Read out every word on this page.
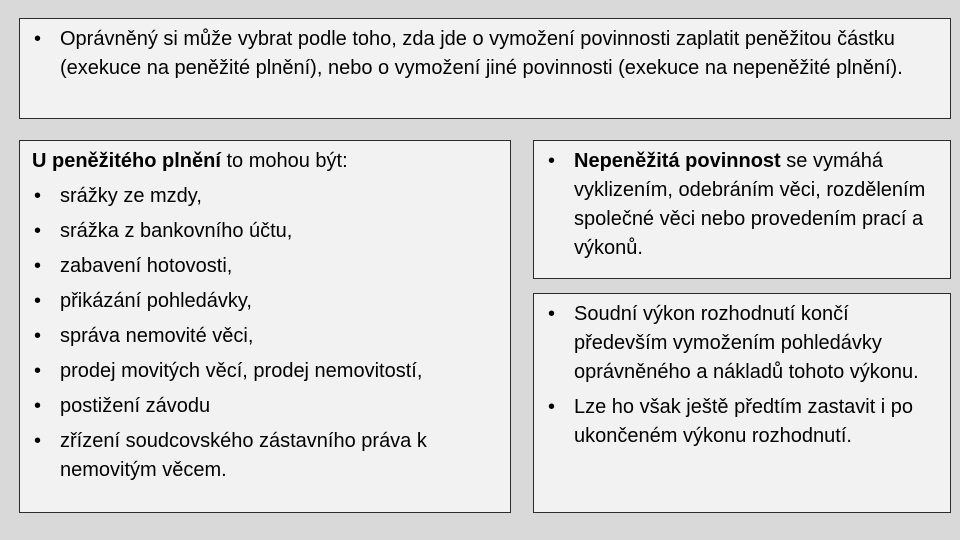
• Oprávněný si může vybrat podle toho, zda jde o vymožení povinnosti zaplatit peněžitou částku (exekuce na peněžité plnění), nebo o vymožení jiné povinnosti (exekuce na nepeněžité plnění).

U peněžitého plnění to mohou být:

• srážky ze mzdy,
• srážka z bankovního účtu,
• zabavení hotovosti,
• přikázání pohledávky,
• správa nemovité věci,
• prodej movitých věcí, prodej nemovitostí,
• postižení závodu
• zřízení soudcovského zástavního práva k nemovitým věcem.
• Nepeněžitá povinnost se vymáhá vyklizením, odebráním věci, rozdělením společné věci nebo provedením prací a výkonů.
• Soudní výkon rozhodnutí končí především vymožením pohledávky oprávněného a nákladů tohoto výkonu.
• Lze ho však ještě předtím zastavit i po ukončeném výkonu rozhodnutí.
